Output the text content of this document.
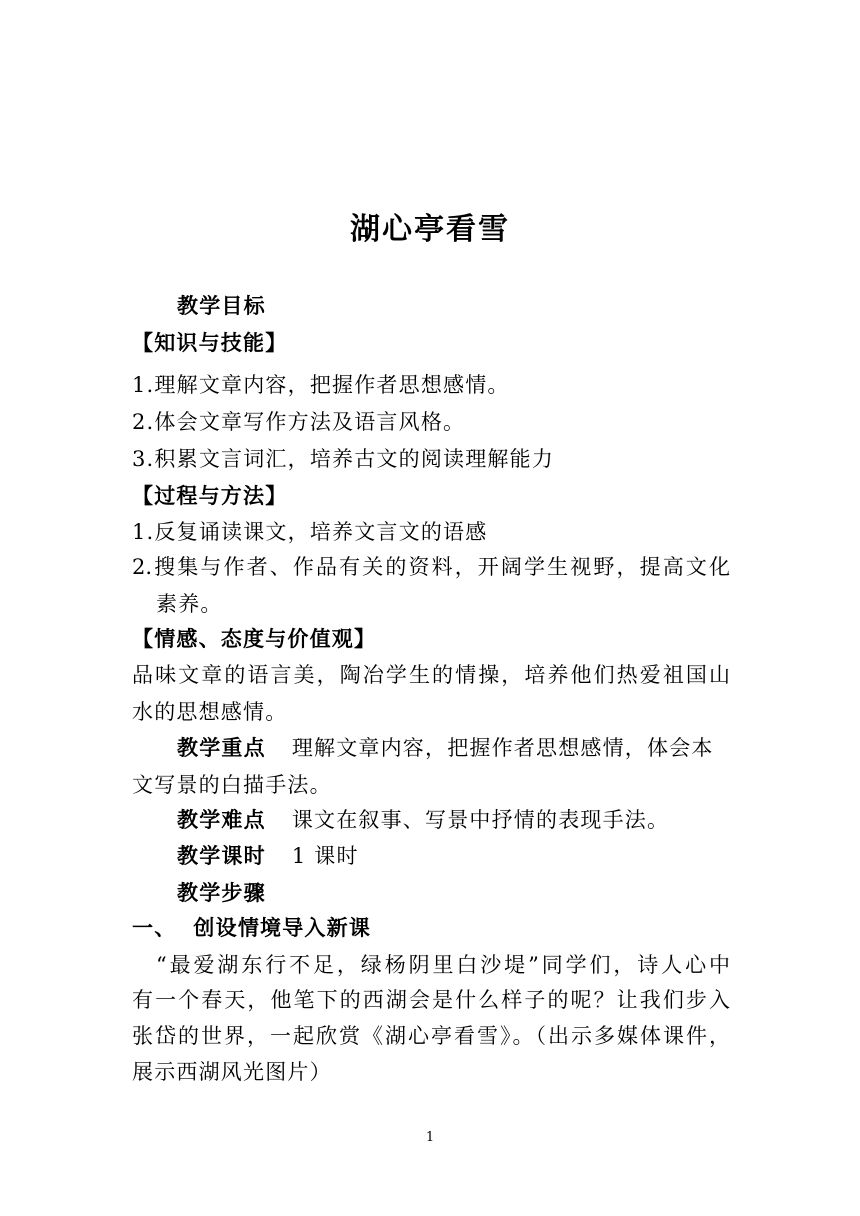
湖心亭看雪
教学目标
【知识与技能】
1.理解文章内容，把握作者思想感情。
2.体会文章写作方法及语言风格。
3.积累文言词汇，培养古文的阅读理解能力
【过程与方法】
1.反复诵读课文，培养文言文的语感
2.搜集与作者、作品有关的资料，开阔学生视野，提高文化
素养。
【情感、态度与价值观】
品味文章的语言美，陶冶学生的情操，培养他们热爱祖国山
水的思想感情。
教学重点 理解文章内容，把握作者思想感情，体会本
文写景的白描手法。
教学难点 课文在叙事、写景中抒情的表现手法。
教学课时 1 课时
教学步骤
一、  创设情境导入新课
“最爱湖东行不足，绿杨阴里白沙堤”同学们，诗人心中
有一个春天，他笔下的西湖会是什么样子的呢？让我们步入
张岱的世界，一起欣赏《湖心亭看雪》。（出示多媒体课件，
展示西湖风光图片）
1
